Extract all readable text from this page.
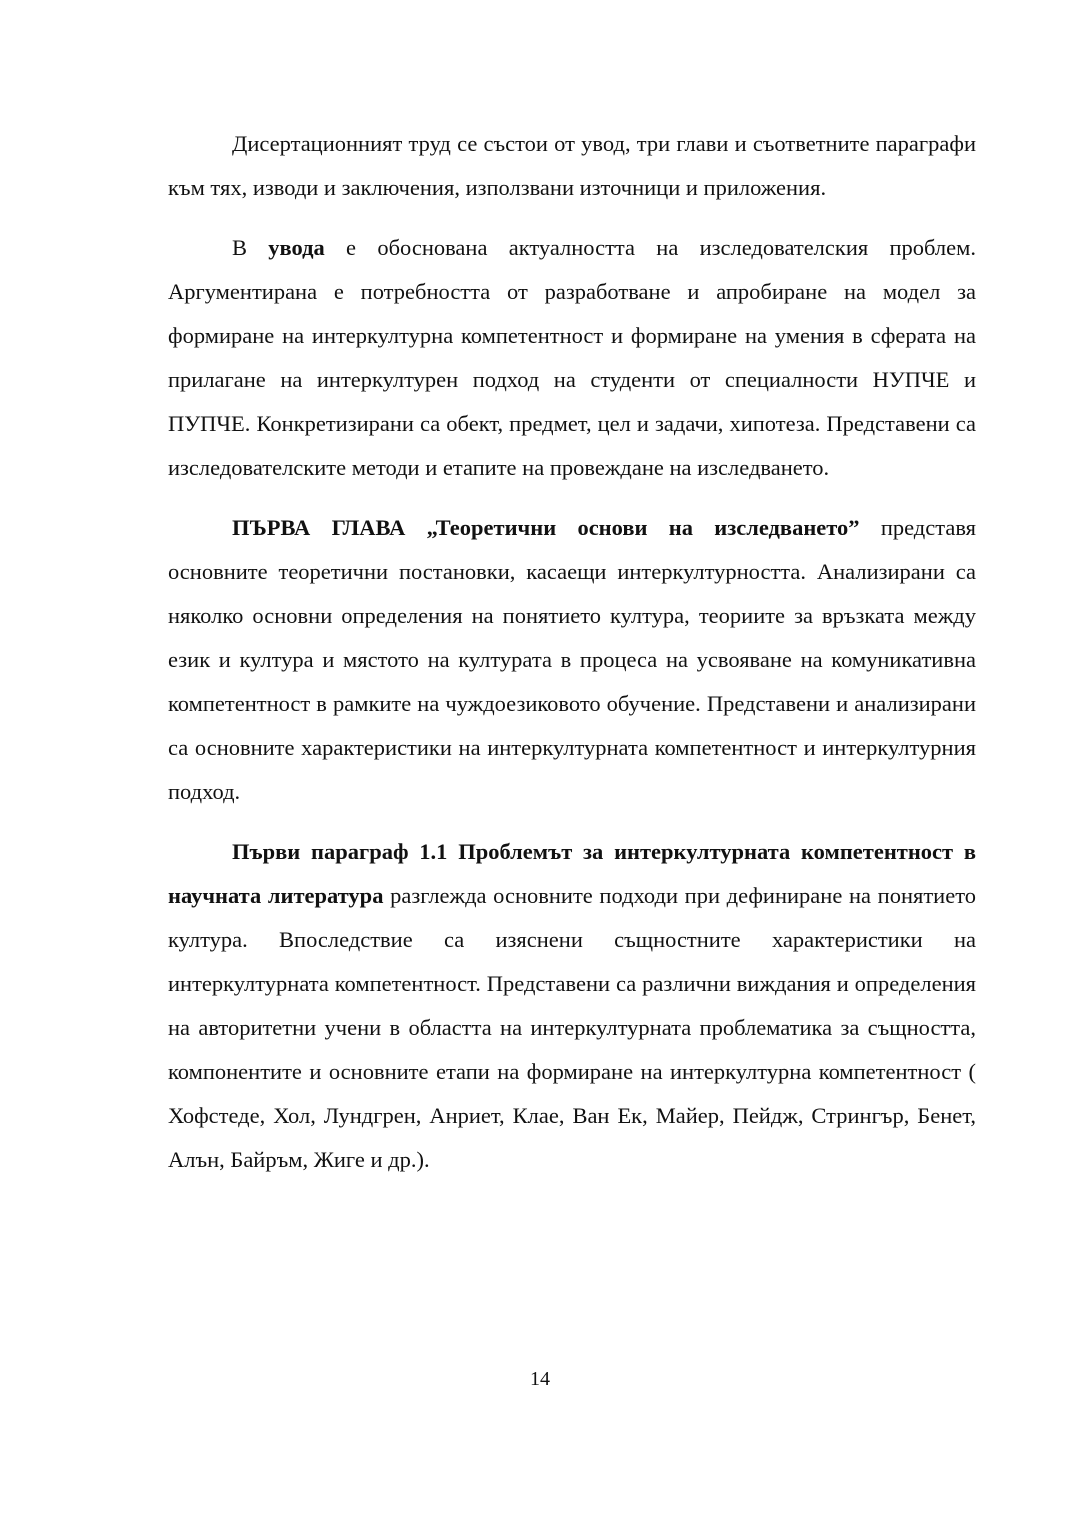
Дисертационният труд се състои от увод, три глави и съответните параграфи към тях, изводи и заключения, използвани източници и приложения.

В увода е обоснована актуалността на изследователския проблем. Аргументирана е потребността от разработване и апробиране на модел за формиране на интеркултурна компетентност и формиране на умения в сферата на прилагане на интеркултурен подход на студенти от специалности НУПЧЕ и ПУПЧЕ. Конкретизирани са обект, предмет, цел и задачи, хипотеза. Представени са изследователските методи и етапите на провеждане на изследването.

ПЪРВА ГЛАВА „Теоретични основи на изследването” представя основните теоретични постановки, касаещи интеркултурността. Анализирани са няколко основни определения на понятието култура, теориите за връзката между език и култура и мястото на културата в процеса на усвояване на комуникативна компетентност в рамките на чуждоезиковото обучение. Представени и анализирани са основните характеристики на интеркултурната компетентност и интеркултурния подход.

Първи параграф 1.1 Проблемът за интеркултурната компетентност в научната литература разглежда основните подходи при дефиниране на понятието култура. Впоследствие са изяснени същностните характеристики на интеркултурната компетентност. Представени са различни виждания и определения на авторитетни учени в областта на интеркултурната проблематика за същността, компонентите и основните етапи на формиране на интеркултурна компетентност ( Хофстеде, Хол, Лундгрен, Анриет, Клае, Ван Ек, Майер, Пейдж, Стрингър, Бенет, Алън, Байръм, Жиге и др.).

14
